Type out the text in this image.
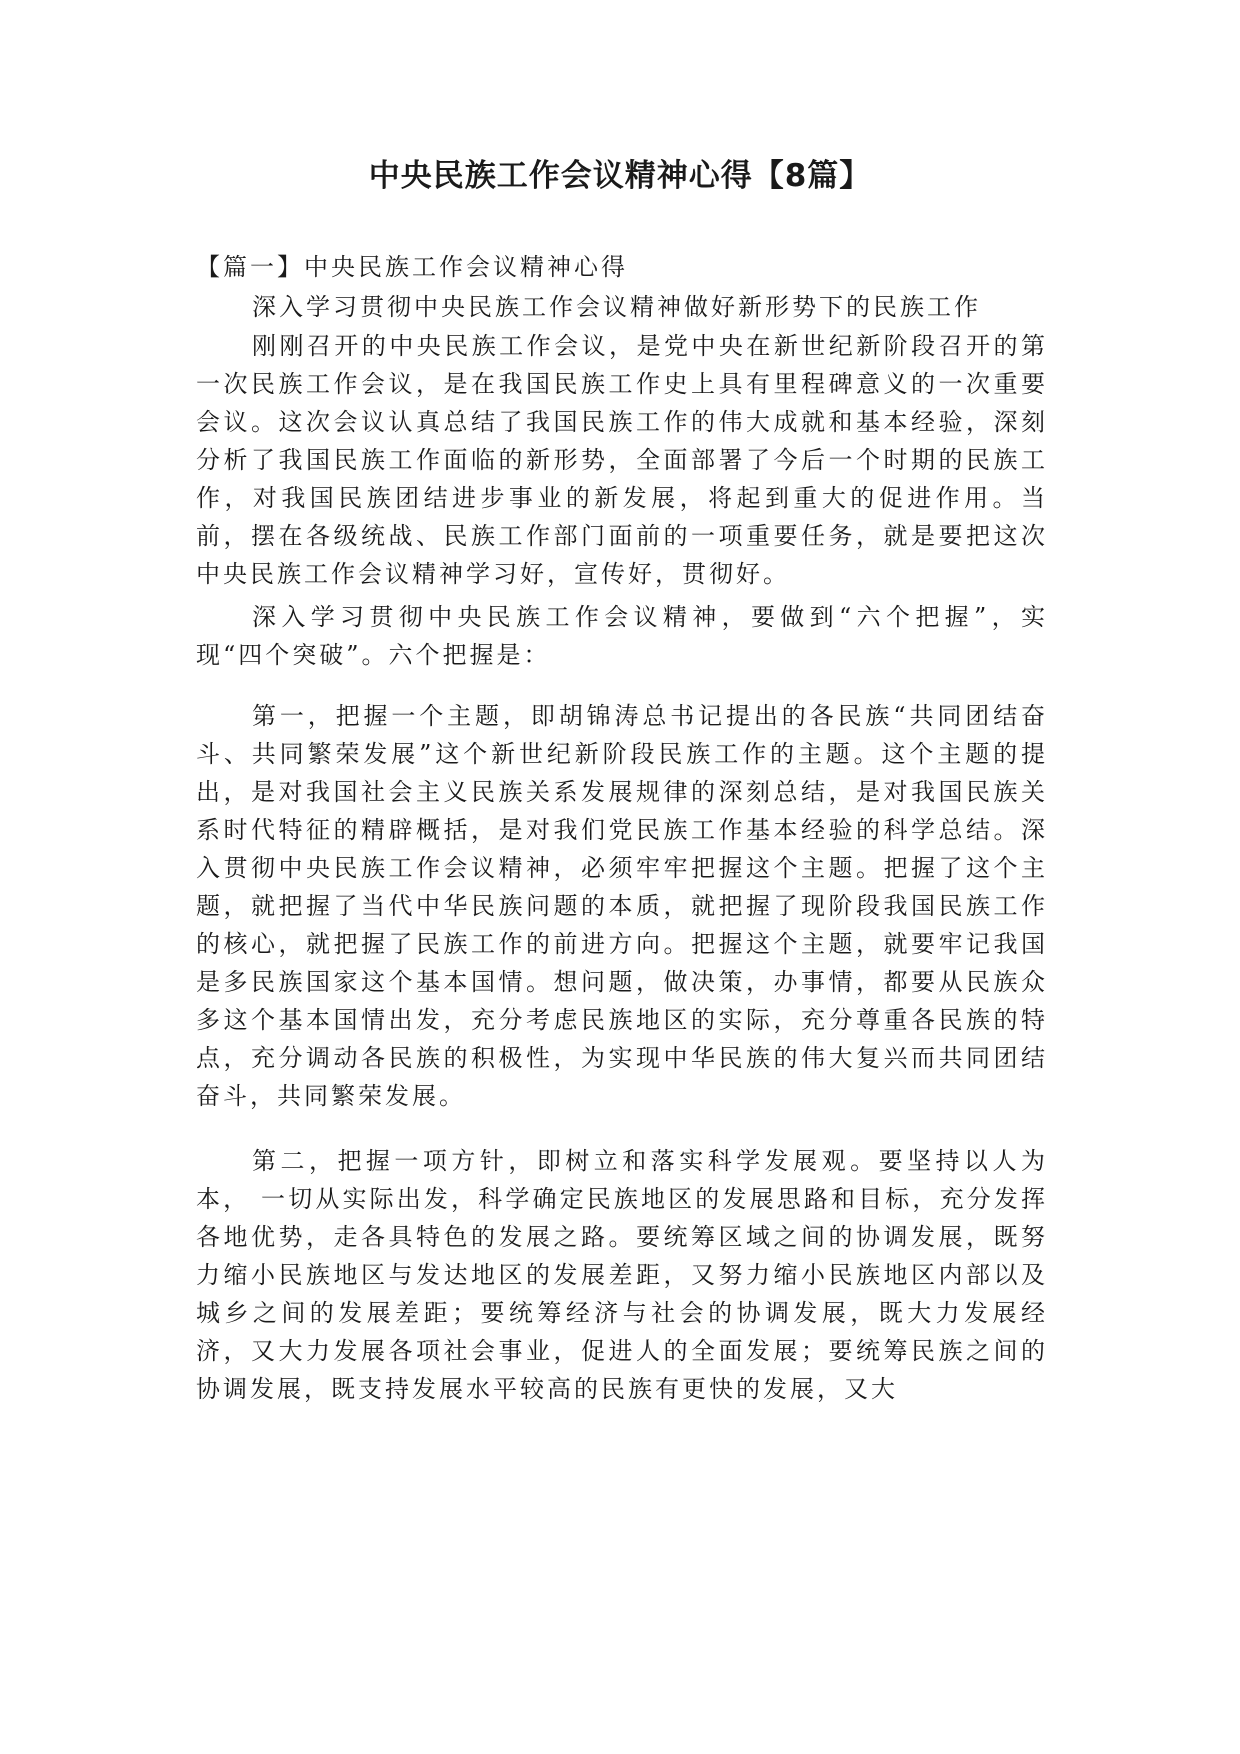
中央民族工作会议精神心得【8篇】

【篇一】中央民族工作会议精神心得

深入学习贯彻中央民族工作会议精神做好新形势下的民族工作

刚刚召开的中央民族工作会议，是党中央在新世纪新阶段召开的第一次民族工作会议，是在我国民族工作史上具有里程碑意义的一次重要会议。这次会议认真总结了我国民族工作的伟大成就和基本经验，深刻分析了我国民族工作面临的新形势，全面部署了今后一个时期的民族工作，对我国民族团结进步事业的新发展，将起到重大的促进作用。当前，摆在各级统战、民族工作部门面前的一项重要任务，就是要把这次中央民族工作会议精神学习好，宣传好，贯彻好。

深入学习贯彻中央民族工作会议精神，要做到“六个把握”，实现“四个突破”。六个把握是：

第一，把握一个主题，即胡锦涛总书记提出的各民族“共同团结奋斗、共同繁荣发展”这个新世纪新阶段民族工作的主题。这个主题的提出，是对我国社会主义民族关系发展规律的深刻总结，是对我国民族关系时代特征的精辟概括，是对我们党民族工作基本经验的科学总结。深入贯彻中央民族工作会议精神，必须牢牢把握这个主题。把握了这个主题，就把握了当代中华民族问题的本质，就把握了现阶段我国民族工作的核心，就把握了民族工作的前进方向。把握这个主题，就要牢记我国是多民族国家这个基本国情。想问题，做决策，办事情，都要从民族众多这个基本国情出发，充分考虑民族地区的实际，充分尊重各民族的特点，充分调动各民族的积极性，为实现中华民族的伟大复兴而共同团结奋斗，共同繁荣发展。

第二，把握一项方针，即树立和落实科学发展观。要坚持以人为本， 一切从实际出发，科学确定民族地区的发展思路和目标，充分发挥各地优势，走各具特色的发展之路。要统筹区域之间的协调发展，既努力缩小民族地区与发达地区的发展差距，又努力缩小民族地区内部以及城乡之间的发展差距；要统筹经济与社会的协调发展，既大力发展经济，又大力发展各项社会事业，促进人的全面发展；要统筹民族之间的协调发展，既支持发展水平较高的民族有更快的发展，又大
